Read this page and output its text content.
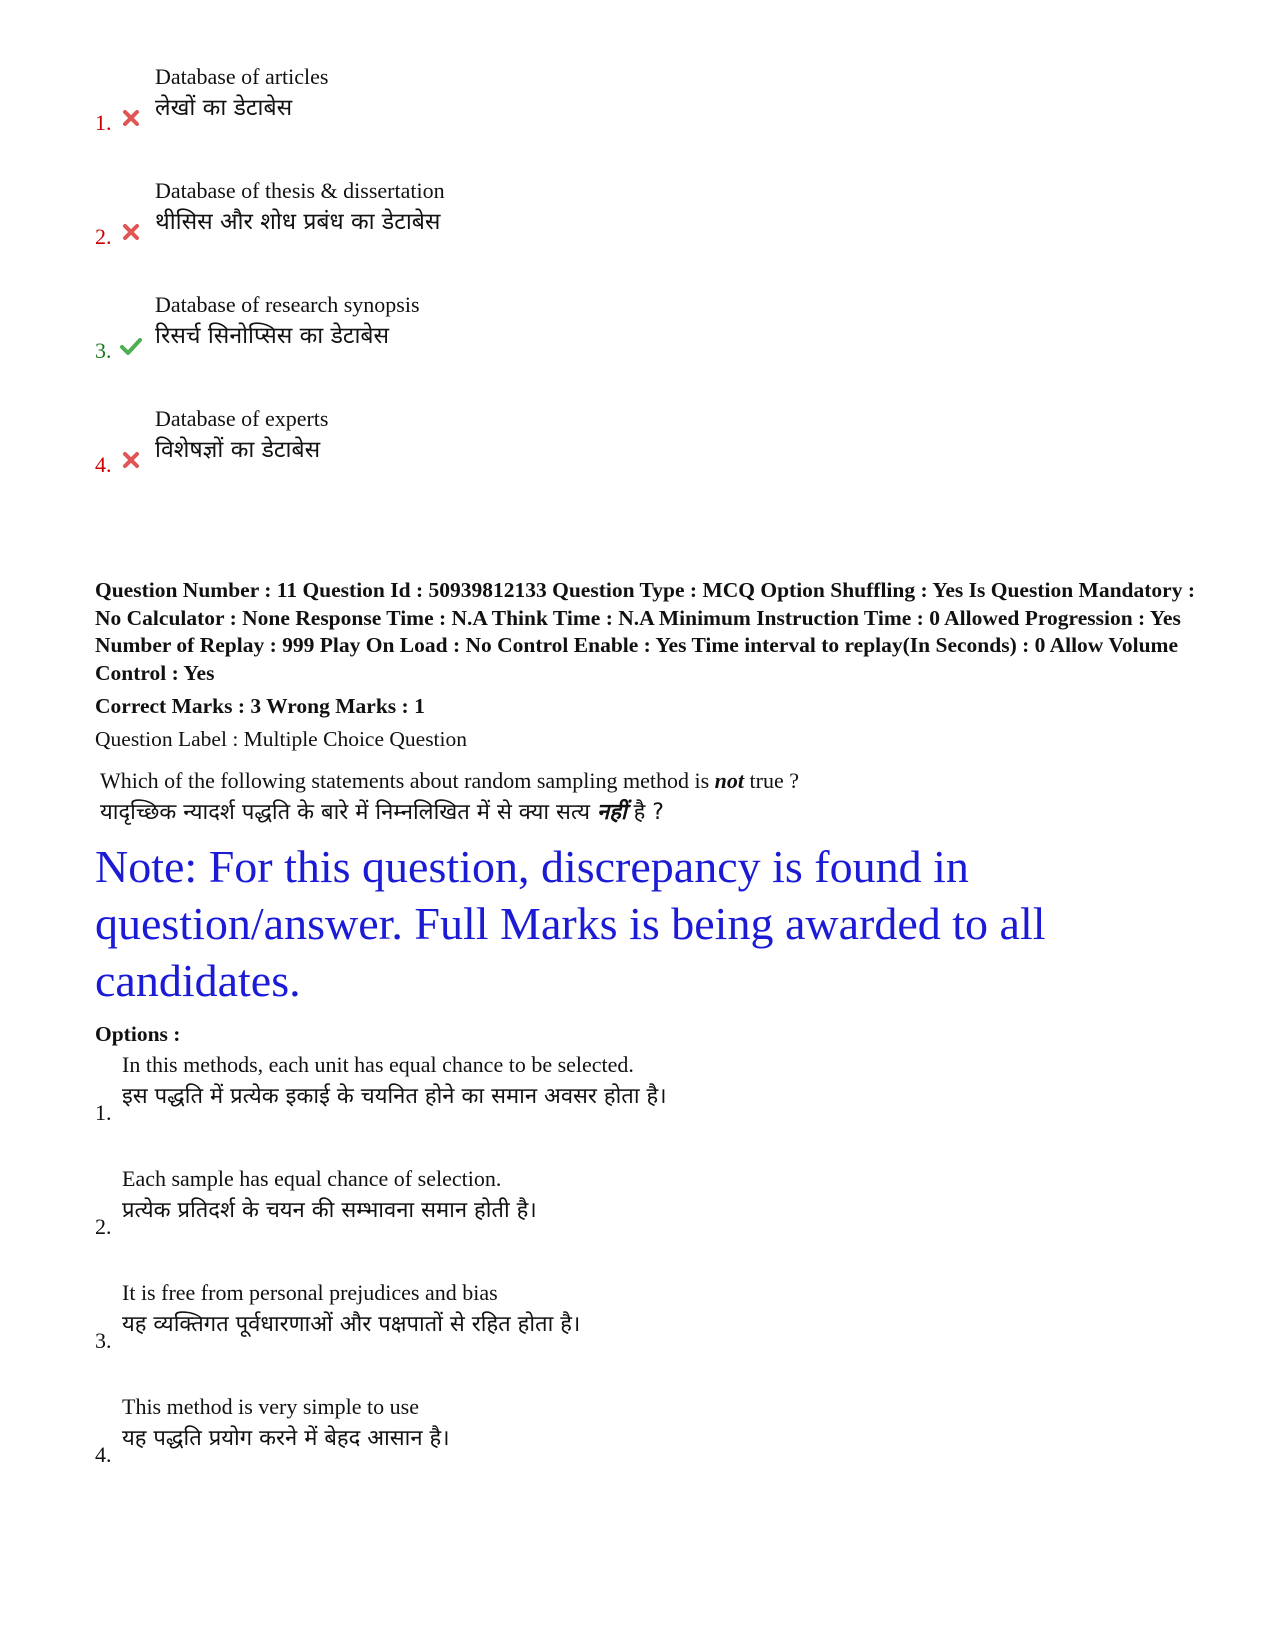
1.
Database of articles
लेखों का डेटाबेस
2.
Database of thesis & dissertation
थीसिस और शोध प्रबंध का डेटाबेस
3.
Database of research synopsis
रिसर्च सिनोप्सिस का डेटाबेस
4.
Database of experts
विशेषज्ञों का डेटाबेस
Question Number : 11 Question Id : 50939812133 Question Type : MCQ Option Shuffling : Yes Is Question Mandatory : No Calculator : None Response Time : N.A Think Time : N.A Minimum Instruction Time : 0 Allowed Progression : Yes Number of Replay : 999 Play On Load : No Control Enable : Yes Time interval to replay(In Seconds) : 0 Allow Volume Control : Yes
Correct Marks : 3 Wrong Marks : 1
Question Label : Multiple Choice Question
Which of the following statements about random sampling method is not true ?
यादृच्छिक न्यादर्श पद्धति के बारे में निम्नलिखित में से क्या सत्य नहीं है ?
Note: For this question, discrepancy is found in question/answer. Full Marks is being awarded to all candidates.
Options :
1.
In this methods, each unit has equal chance to be selected.
इस पद्धति में प्रत्येक इकाई के चयनित होने का समान अवसर होता है।
2.
Each sample has equal chance of selection.
प्रत्येक प्रतिदर्श के चयन की सम्भावना समान होती है।
3.
It is free from personal prejudices and bias
यह व्यक्तिगत पूर्वधारणाओं और पक्षपातों से रहित होता है।
4.
This method is very simple to use
यह पद्धति प्रयोग करने में बेहद आसान है।
